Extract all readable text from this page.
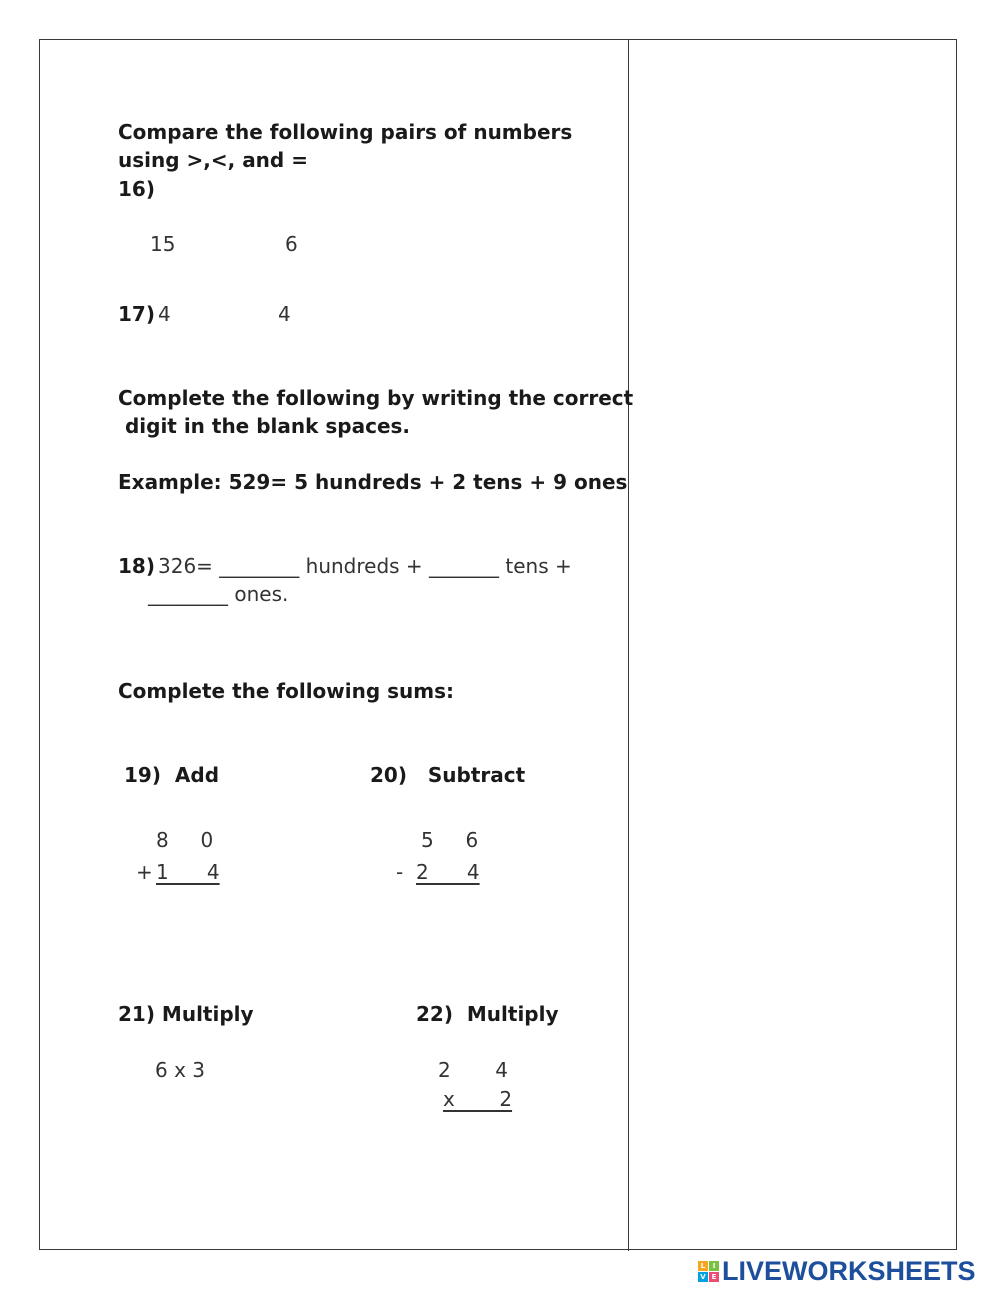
Compare the following pairs of numbers
using >,<, and =
16)
15	6
17) 4	4
Complete the following by writing the correct
digit in the blank spaces.
Example: 529= 5 hundreds + 2 tens + 9 ones
18) 326= ________ hundreds + _______ tens +
________ ones.
Complete the following sums:
19)  Add
8     0
+ 1      4
20)   Subtract
5     6
- 2      4
21) Multiply
6 x 3
22)  Multiply
2       4
x       2
L	I
V E LIVEWORKSHEETS
